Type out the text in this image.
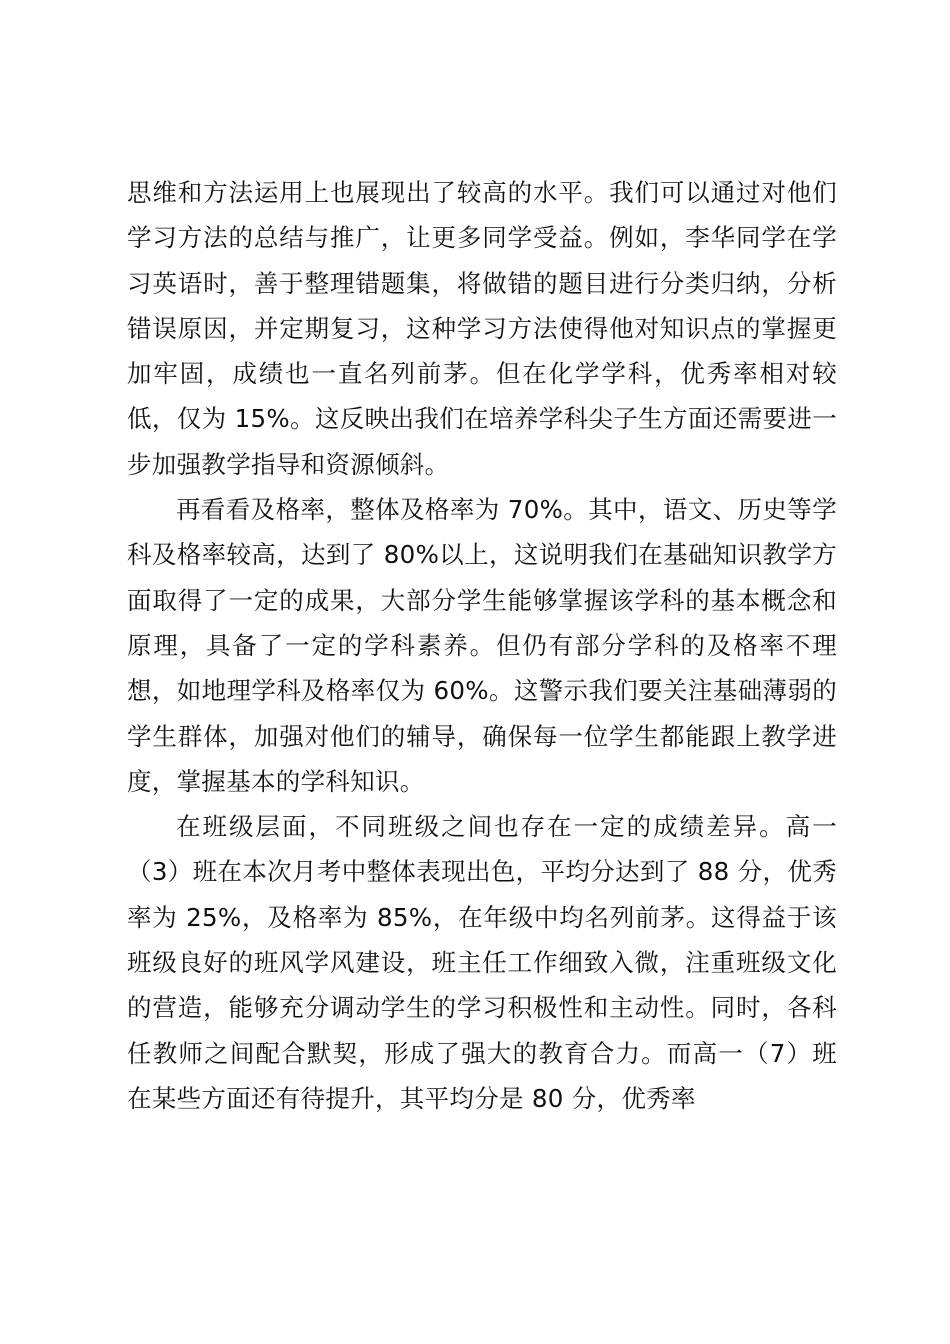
思维和方法运用上也展现出了较高的水平。我们可以通过对他们学习方法的总结与推广，让更多同学受益。例如，李华同学在学习英语时，善于整理错题集，将做错的题目进行分类归纳，分析错误原因，并定期复习，这种学习方法使得他对知识点的掌握更加牢固，成绩也一直名列前茅。但在化学学科，优秀率相对较低，仅为 15%。这反映出我们在培养学科尖子生方面还需要进一步加强教学指导和资源倾斜。

再看看及格率，整体及格率为 70%。其中，语文、历史等学科及格率较高，达到了 80%以上，这说明我们在基础知识教学方面取得了一定的成果，大部分学生能够掌握该学科的基本概念和原理，具备了一定的学科素养。但仍有部分学科的及格率不理想，如地理学科及格率仅为 60%。这警示我们要关注基础薄弱的学生群体，加强对他们的辅导，确保每一位学生都能跟上教学进度，掌握基本的学科知识。

在班级层面，不同班级之间也存在一定的成绩差异。高一（3）班在本次月考中整体表现出色，平均分达到了 88 分，优秀率为 25%，及格率为 85%，在年级中均名列前茅。这得益于该班级良好的班风学风建设，班主任工作细致入微，注重班级文化的营造，能够充分调动学生的学习积极性和主动性。同时，各科任教师之间配合默契，形成了强大的教育合力。而高一（7）班在某些方面还有待提升，其平均分是 80 分，优秀率
